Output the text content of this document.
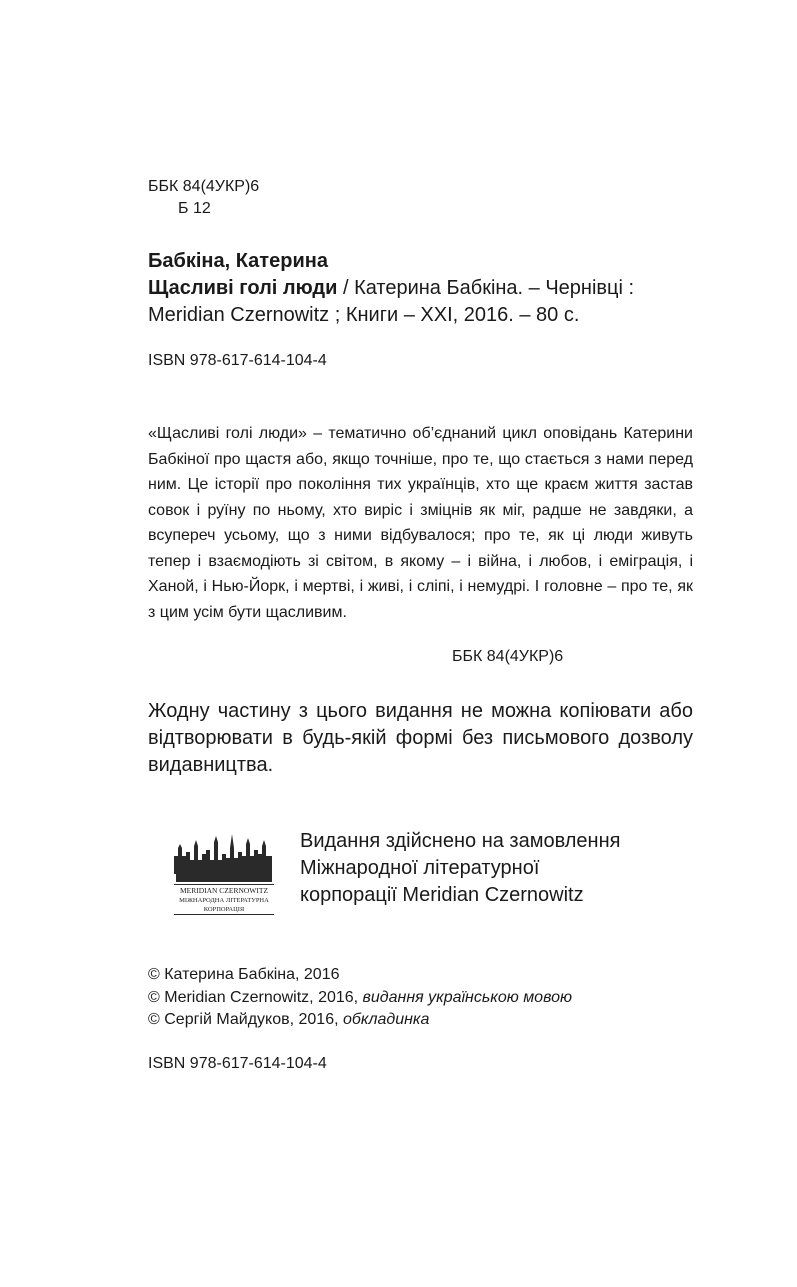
ББК 84(4УКР)6
Б 12
Бабкіна, Катерина
Щасливі голі люди / Катерина Бабкіна. – Чернівці :
Meridian Czernowitz ; Книги – XXI, 2016. – 80 с.
ISBN 978-617-614-104-4
«Щасливі голі люди» – тематично об’єднаний цикл оповідань Катерини Бабкіної про щастя або, якщо точніше, про те, що стається з нами перед ним. Це історії про покоління тих українців, хто ще краєм життя застав совок і руїну по ньому, хто виріс і зміцнів як міг, радше не завдяки, а всупереч усьому, що з ними відбувалося; про те, як ці люди живуть тепер і взаємодіють зі світом, в якому – і війна, і любов, і еміграція, і Ханой, і Нью-Йорк, і мертві, і живі, і сліпі, і немудрі. І головне – про те, як з цим усім бути щасливим.
ББК 84(4УКР)6
Жодну частину з цього видання не можна копіювати або відтворювати в будь-якій формі без письмового дозволу видавництва.
MERIDIAN CZERNOWITZ
МІЖНАРОДНА ЛІТЕРАТУРНА
КОРПОРАЦІЯ
Видання здійснено на замовлення
Міжнародної літературної
корпорації Meridian Czernowitz
© Катерина Бабкіна, 2016
© Meridian Czernowitz, 2016, видання українською мовою
© Сергій Майдуков, 2016, обкладинка
ISBN 978-617-614-104-4
